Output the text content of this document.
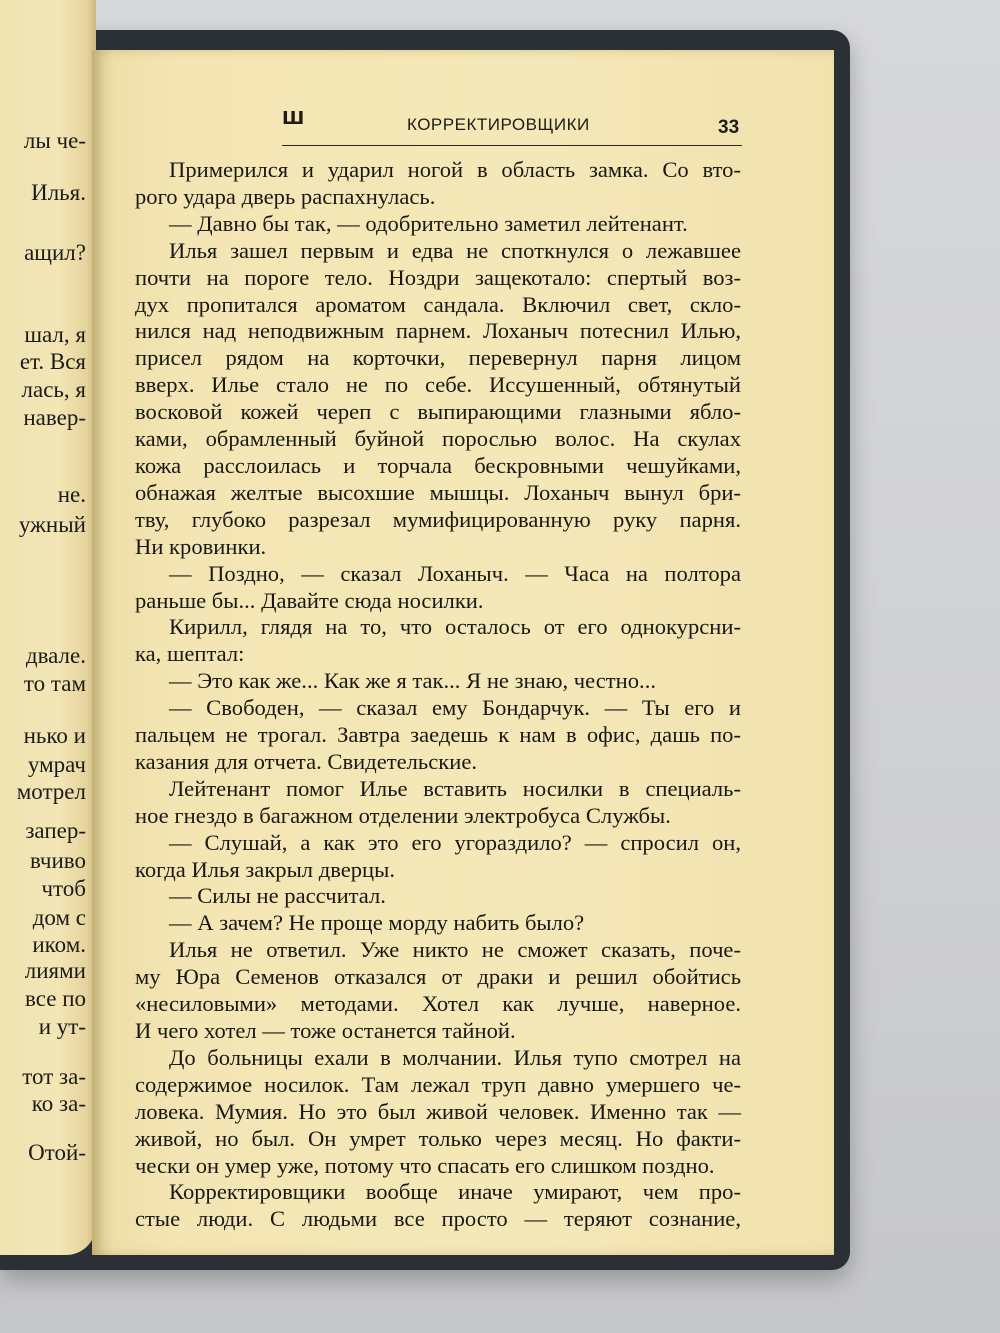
лы че-
Илья.
ащил?
шал, я
ет. Вся
лась, я
навер-
не.
ужный
двале.
то там
нько и
умрач
мотрел
запер-
вчиво
чтоб
дом с
иком.
лиями
все по
и ут-
тот за-
ко за-
Отой-
Ш	КОРРЕКТИРОВЩИКИ	33
Примерился и ударил ногой в область замка. Со вто-
рого удара дверь распахнулась.
— Давно бы так, — одобрительно заметил лейтенант.
Илья зашел первым и едва не споткнулся о лежавшее
почти на пороге тело. Ноздри защекотало: спертый воз-
дух пропитался ароматом сандала. Включил свет, скло-
нился над неподвижным парнем. Лоханыч потеснил Илью,
присел рядом на корточки, перевернул парня лицом
вверх. Илье стало не по себе. Иссушенный, обтянутый
восковой кожей череп с выпирающими глазными ябло-
ками, обрамленный буйной порослью волос. На скулах
кожа расслоилась и торчала бескровными чешуйками,
обнажая желтые высохшие мышцы. Лоханыч вынул бри-
тву, глубоко разрезал мумифицированную руку парня.
Ни кровинки.
— Поздно, — сказал Лоханыч. — Часа на полтора
раньше бы... Давайте сюда носилки.
Кирилл, глядя на то, что осталось от его однокурсни-
ка, шептал:
— Это как же... Как же я так... Я не знаю, честно...
— Свободен, — сказал ему Бондарчук. — Ты его и
пальцем не трогал. Завтра заедешь к нам в офис, дашь по-
казания для отчета. Свидетельские.
Лейтенант помог Илье вставить носилки в специаль-
ное гнездо в багажном отделении электробуса Службы.
— Слушай, а как это его угораздило? — спросил он,
когда Илья закрыл дверцы.
— Силы не рассчитал.
— А зачем? Не проще морду набить было?
Илья не ответил. Уже никто не сможет сказать, поче-
му Юра Семенов отказался от драки и решил обойтись
«несиловыми» методами. Хотел как лучше, наверное.
И чего хотел — тоже останется тайной.
До больницы ехали в молчании. Илья тупо смотрел на
содержимое носилок. Там лежал труп давно умершего че-
ловека. Мумия. Но это был живой человек. Именно так —
живой, но был. Он умрет только через месяц. Но факти-
чески он умер уже, потому что спасать его слишком поздно.
Корректировщики вообще иначе умирают, чем про-
стые люди. С людьми все просто — теряют сознание,
